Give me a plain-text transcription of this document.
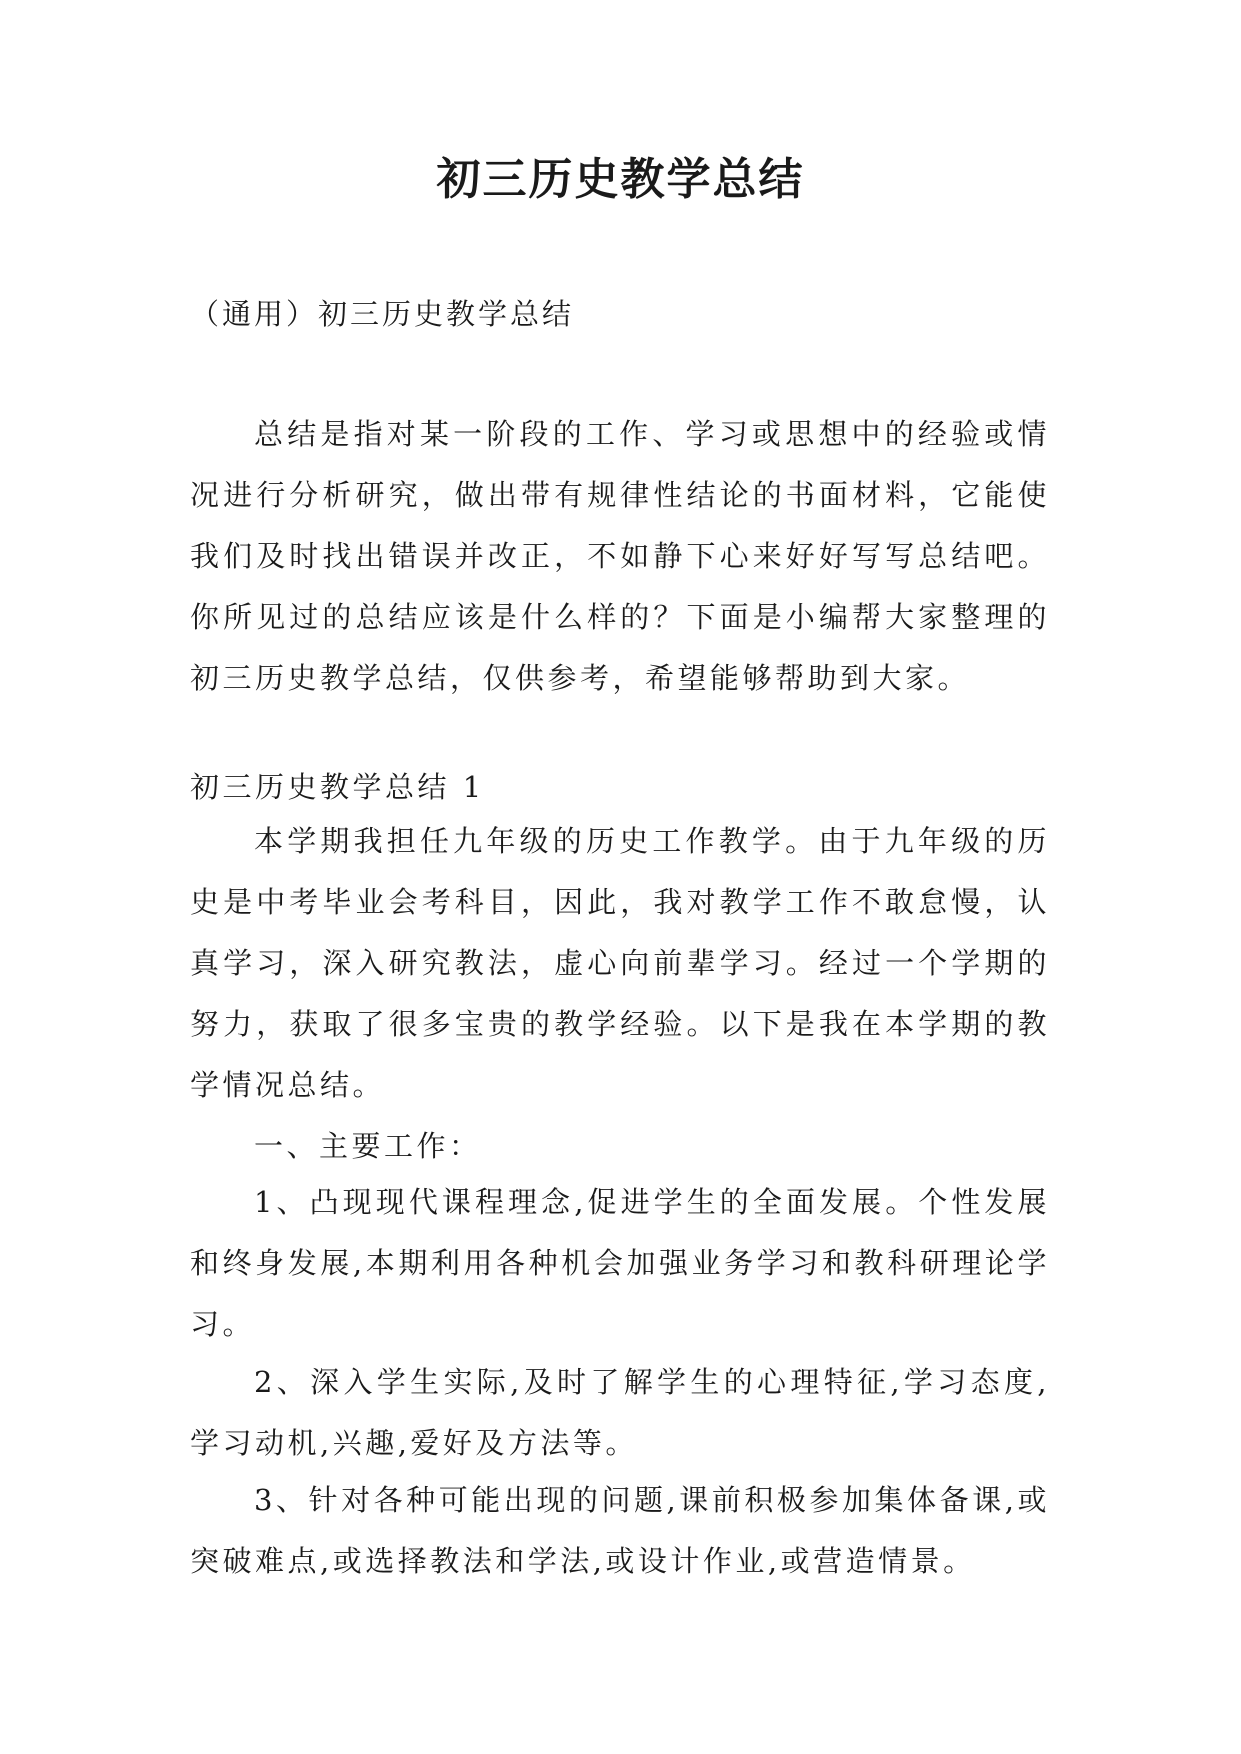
初三历史教学总结
（通用）初三历史教学总结

总结是指对某一阶段的工作、学习或思想中的经验或情况进行分析研究，做出带有规律性结论的书面材料，它能使我们及时找出错误并改正，不如静下心来好好写写总结吧。你所见过的总结应该是什么样的？下面是小编帮大家整理的初三历史教学总结，仅供参考，希望能够帮助到大家。

初三历史教学总结 1

本学期我担任九年级的历史工作教学。由于九年级的历史是中考毕业会考科目，因此，我对教学工作不敢怠慢，认真学习，深入研究教法，虚心向前辈学习。经过一个学期的努力，获取了很多宝贵的教学经验。以下是我在本学期的教学情况总结。

一、主要工作：

1、凸现现代课程理念,促进学生的全面发展。个性发展和终身发展,本期利用各种机会加强业务学习和教科研理论学习。

2、深入学生实际,及时了解学生的心理特征,学习态度,学习动机,兴趣,爱好及方法等。

3、针对各种可能出现的问题,课前积极参加集体备课,或突破难点,或选择教法和学法,或设计作业,或营造情景。
